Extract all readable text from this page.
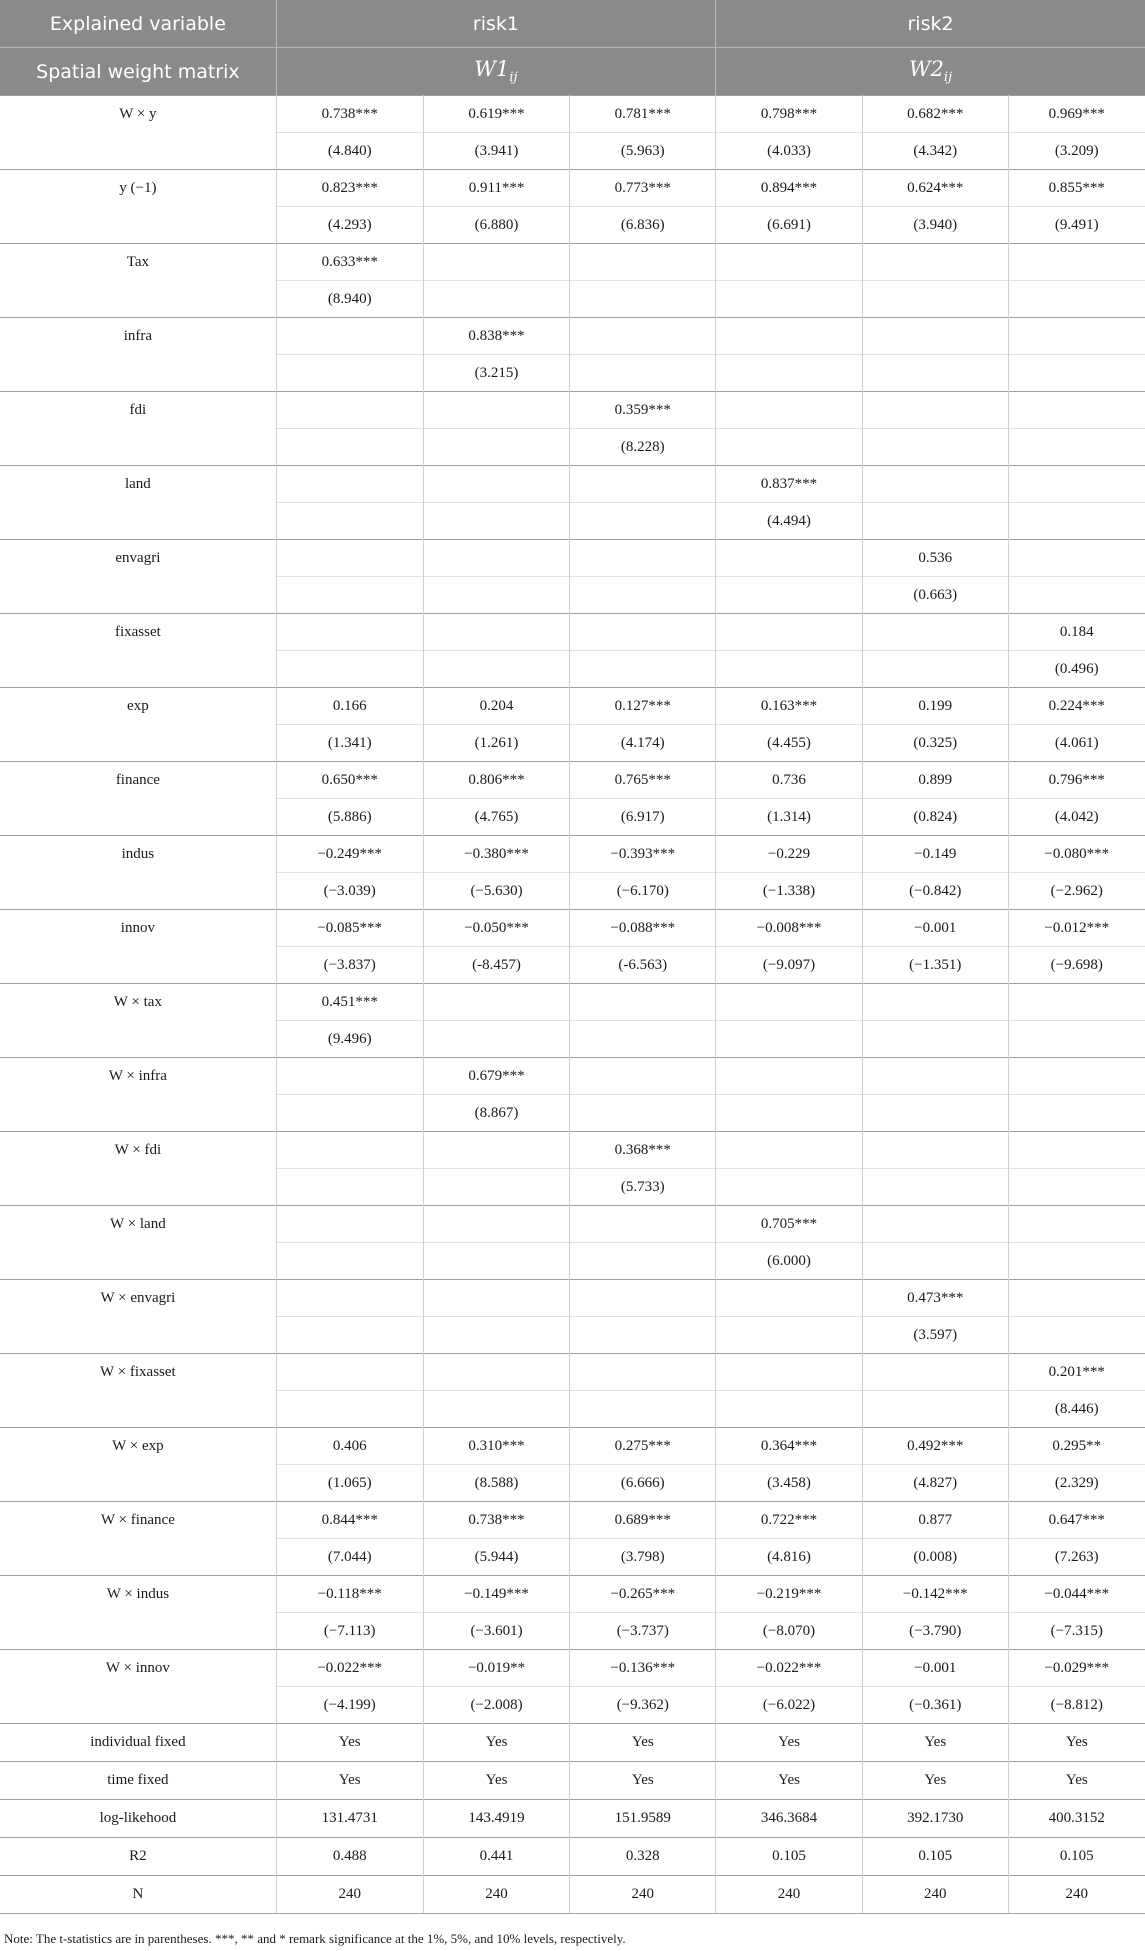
Explained variable	risk1			risk2		
Spatial weight matrix	$W1_{ij}$			$W2_{ij}$
W × y	0.738***	0.619***	0.781***	0.798***	0.682***	0.969***
	(4.840)	(3.941)	(5.963)	(4.033)	(4.342)	(3.209)
y (−1)	0.823***	0.911***	0.773***	0.894***	0.624***	0.855***
	(4.293)	(6.880)	(6.836)	(6.691)	(3.940)	(9.491)
Tax	0.633***					
	(8.940)					
infra		0.838***				
		(3.215)				
fdi			0.359***			
			(8.228)			
land				0.837***		
				(4.494)		
envagri					0.536	
					(0.663)	
fixasset						0.184
						(0.496)
exp	0.166	0.204	0.127***	0.163***	0.199	0.224***
	(1.341)	(1.261)	(4.174)	(4.455)	(0.325)	(4.061)
finance	0.650***	0.806***	0.765***	0.736	0.899	0.796***
	(5.886)	(4.765)	(6.917)	(1.314)	(0.824)	(4.042)
indus	−0.249***	−0.380***	−0.393***	−0.229	−0.149	−0.080***
	(−3.039)	(−5.630)	(−6.170)	(−1.338)	(−0.842)	(−2.962)
innov	−0.085***	−0.050***	−0.088***	−0.008***	−0.001	−0.012***
	(−3.837)	(-8.457)	(-6.563)	(−9.097)	(−1.351)	(−9.698)
W × tax	0.451***					
	(9.496)					
W × infra		0.679***				
		(8.867)				
W × fdi			0.368***			
			(5.733)			
W × land				0.705***		
				(6.000)		
W × envagri					0.473***	
					(3.597)	
W × fixasset						0.201***
						(8.446)
W × exp	0.406	0.310***	0.275***	0.364***	0.492***	0.295**
	(1.065)	(8.588)	(6.666)	(3.458)	(4.827)	(2.329)
W × finance	0.844***	0.738***	0.689***	0.722***	0.877	0.647***
	(7.044)	(5.944)	(3.798)	(4.816)	(0.008)	(7.263)
W × indus	−0.118***	−0.149***	−0.265***	−0.219***	−0.142***	−0.044***
	(−7.113)	(−3.601)	(−3.737)	(−8.070)	(−3.790)	(−7.315)
W × innov	−0.022***	−0.019**	−0.136***	−0.022***	−0.001	−0.029***
	(−4.199)	(−2.008)	(−9.362)	(−6.022)	(−0.361)	(−8.812)
individual fixed	Yes	Yes	Yes	Yes	Yes	Yes
time fixed	Yes	Yes	Yes	Yes	Yes	Yes
log-likehood	131.4731	143.4919	151.9589	346.3684	392.1730	400.3152
R2	0.488	0.441	0.328	0.105	0.105	0.105
N	240	240	240	240	240	240
Note: The t-statistics are in parentheses. ***, ** and * remark significance at the 1%, 5%, and 10% levels, respectively.
